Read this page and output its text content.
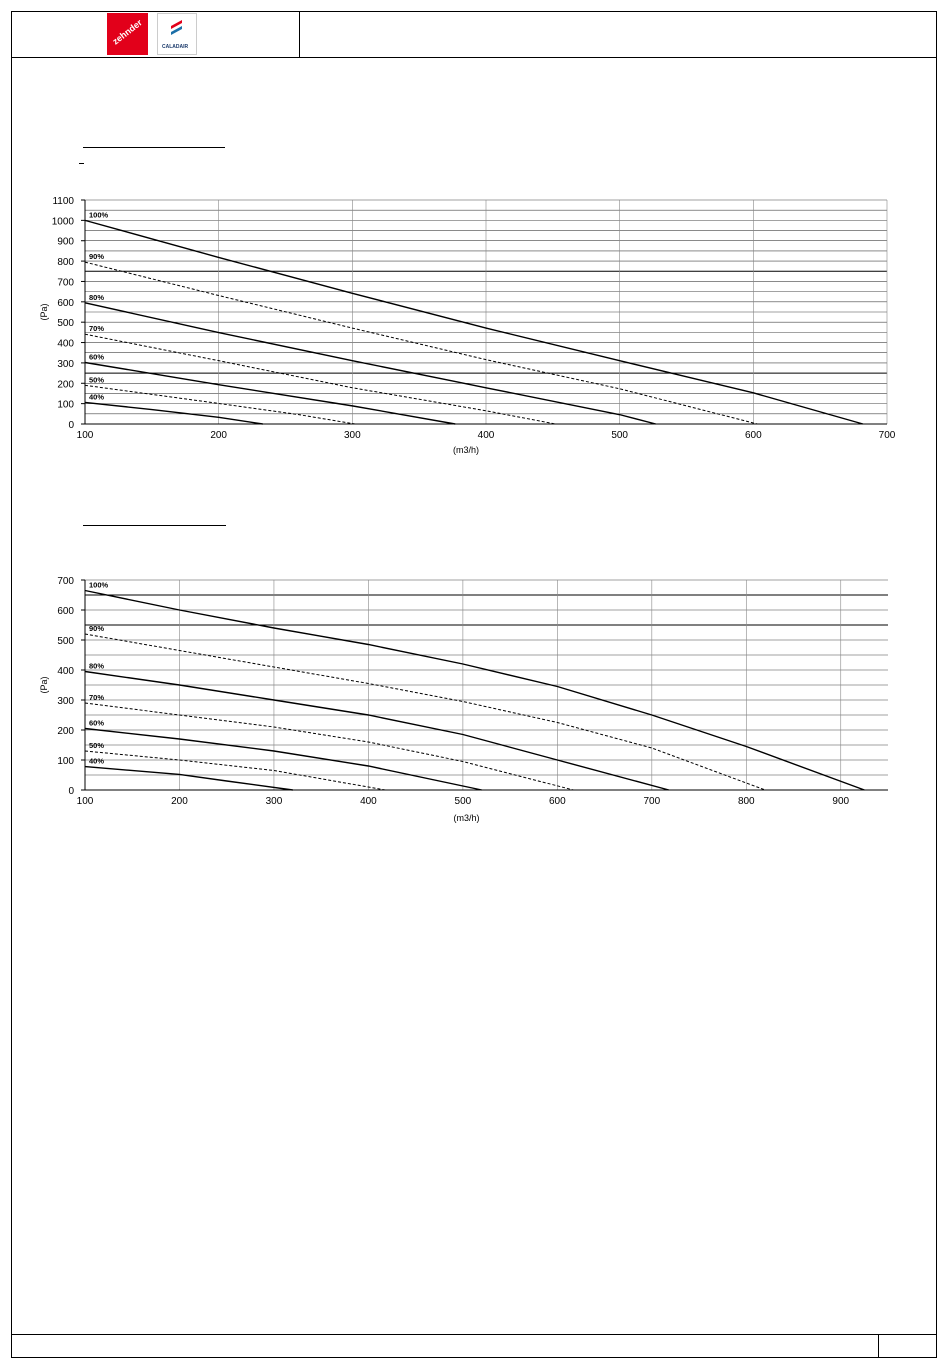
zehnder
CALADAIR
0
100
200
300
400
500
600
700
800
900
1000
1100
100	200	300	400	500	600	700
(m3/h)
(Pa)
100%
90%
80%
70%
60%
50%
40%
0
100
200
300
400
500
600
700
100	200	300	400	500	600	700	800	900
(m3/h)
(Pa)
100%
90%
80%
70%
60%
50%
40%
